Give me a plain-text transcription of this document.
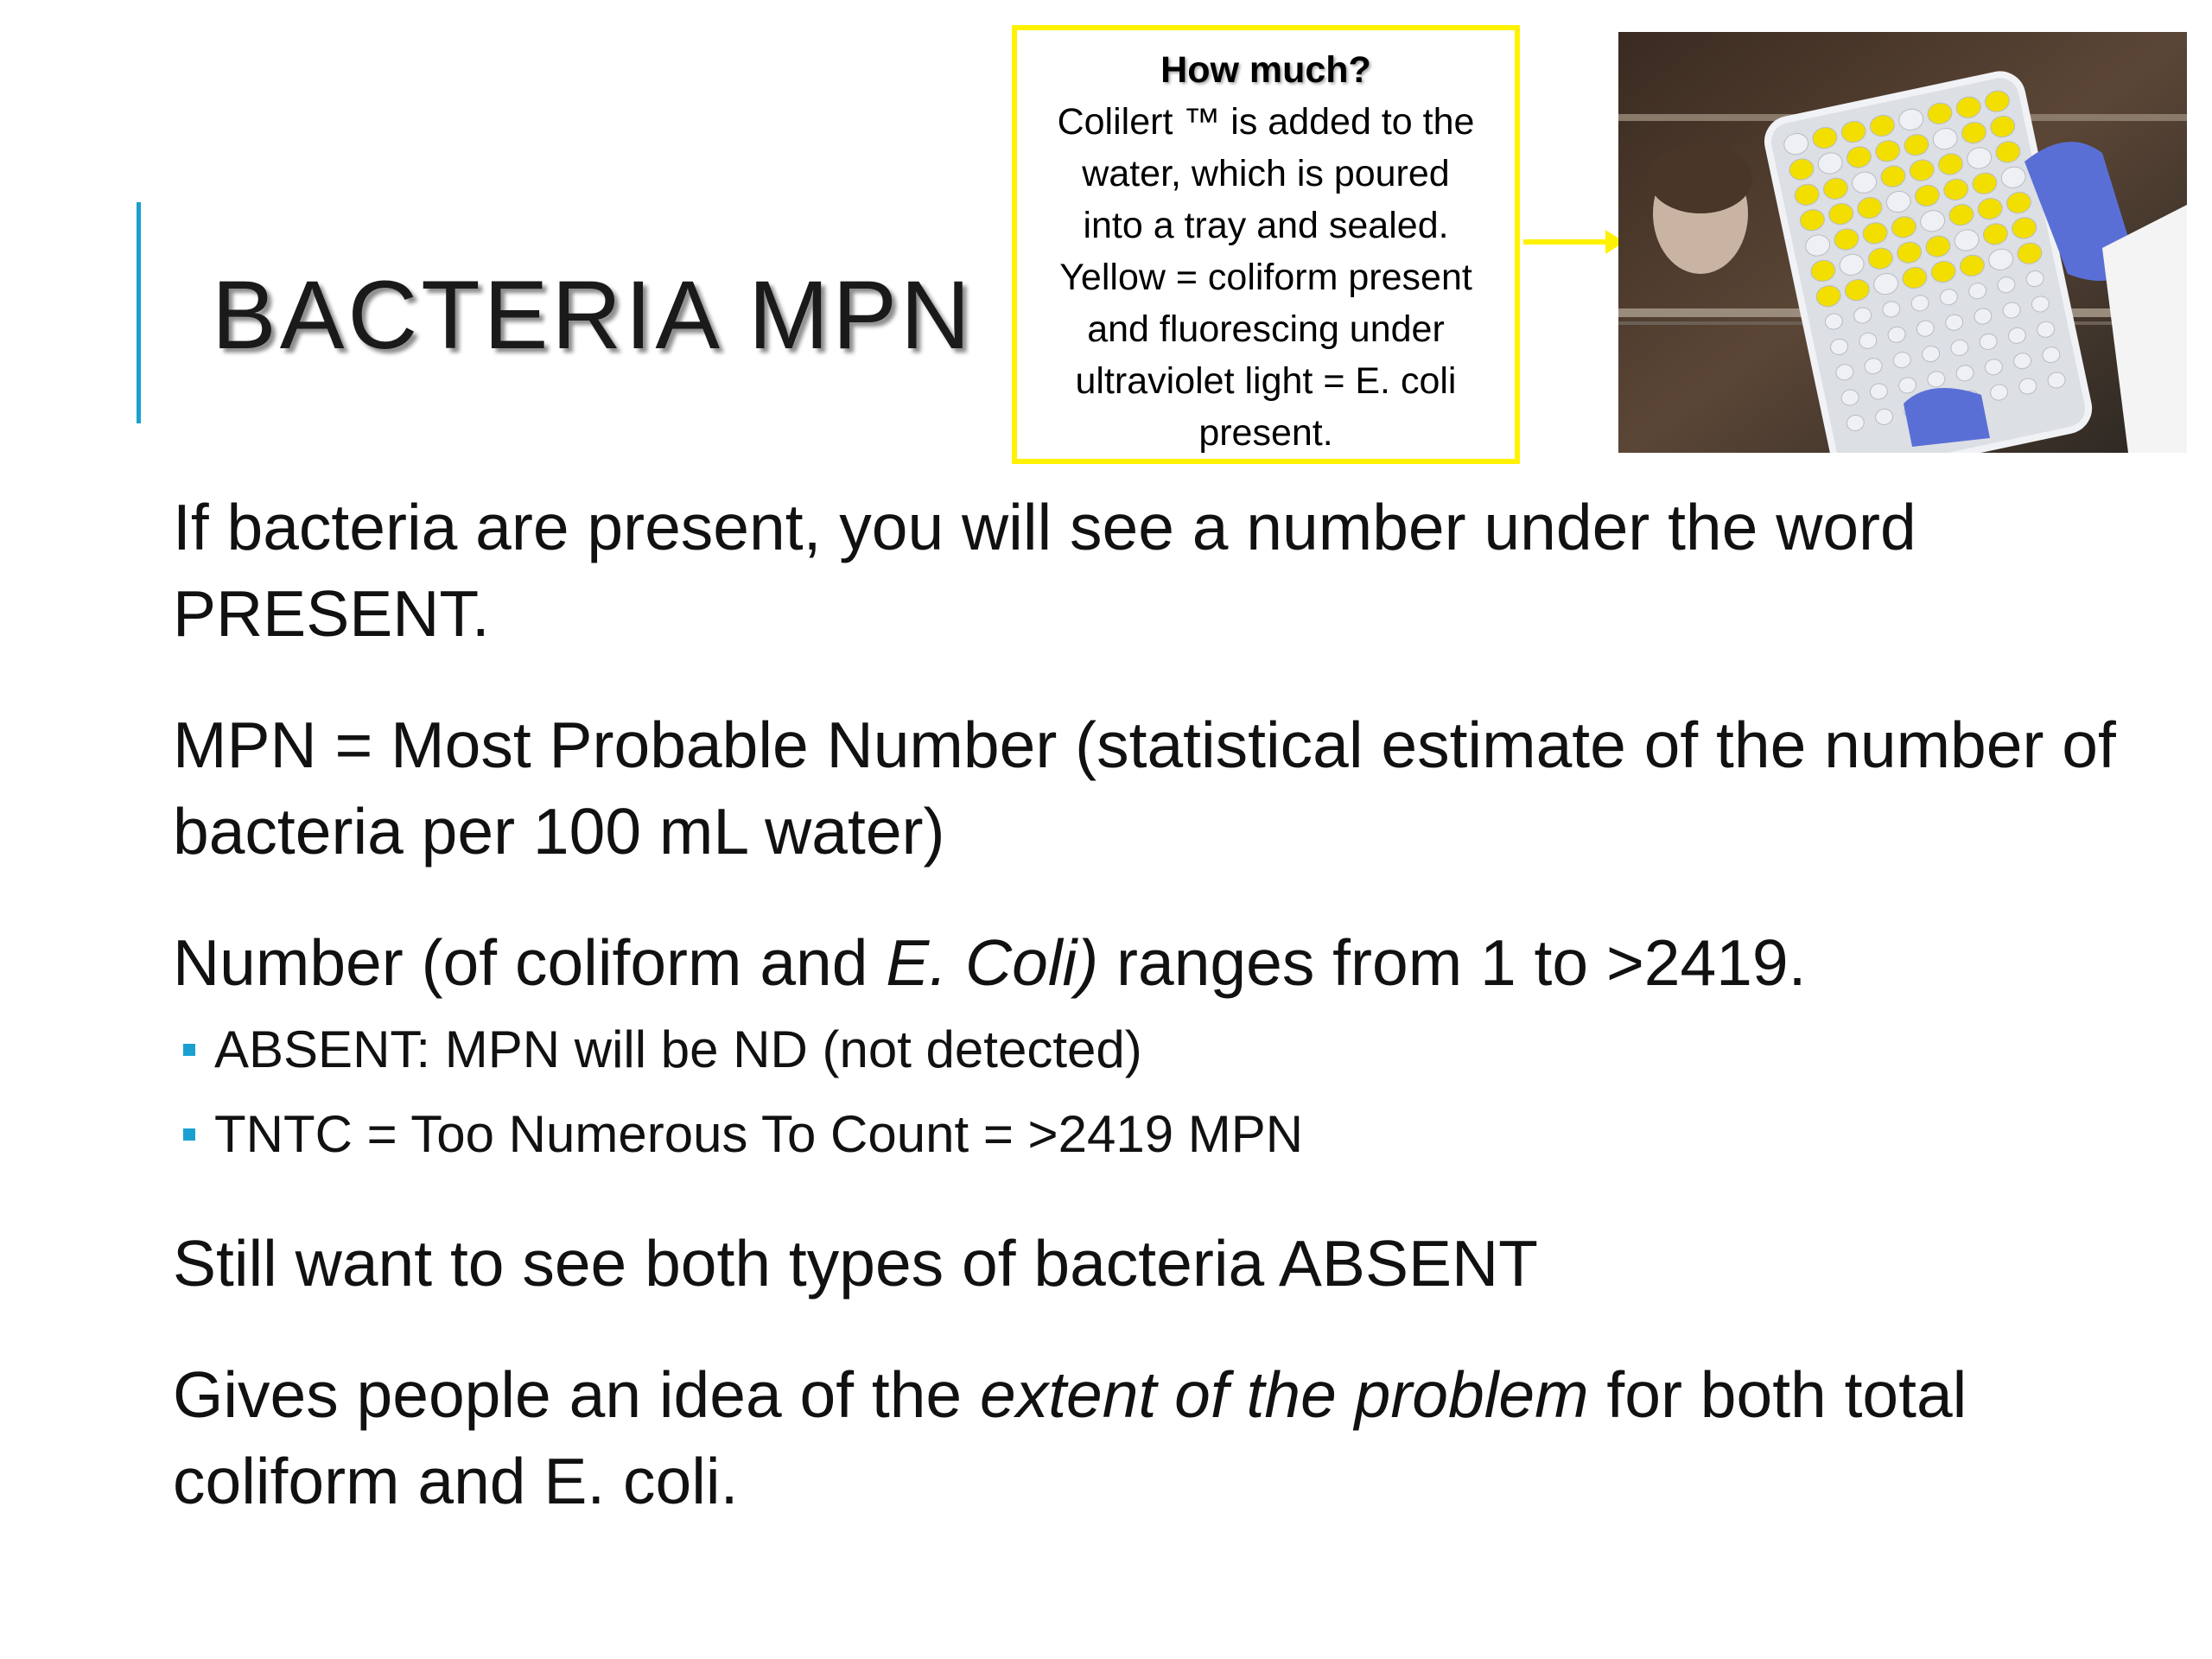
BACTERIA MPN
How much?
Colilert ™ is added to the
water, which is poured
into a tray and sealed.
Yellow = coliform present
and fluorescing under
ultraviolet light = E. coli
present.

If bacteria are present, you will see a number under the word PRESENT.

MPN = Most Probable Number (statistical estimate of the number of bacteria per 100 mL water)

Number (of coliform and E. Coli) ranges from 1 to >2419.

ABSENT: MPN will be ND (not detected)
TNTC = Too Numerous To Count = >2419 MPN

Still want to see both types of bacteria ABSENT

Gives people an idea of the extent of the problem for both total coliform and E. coli.
